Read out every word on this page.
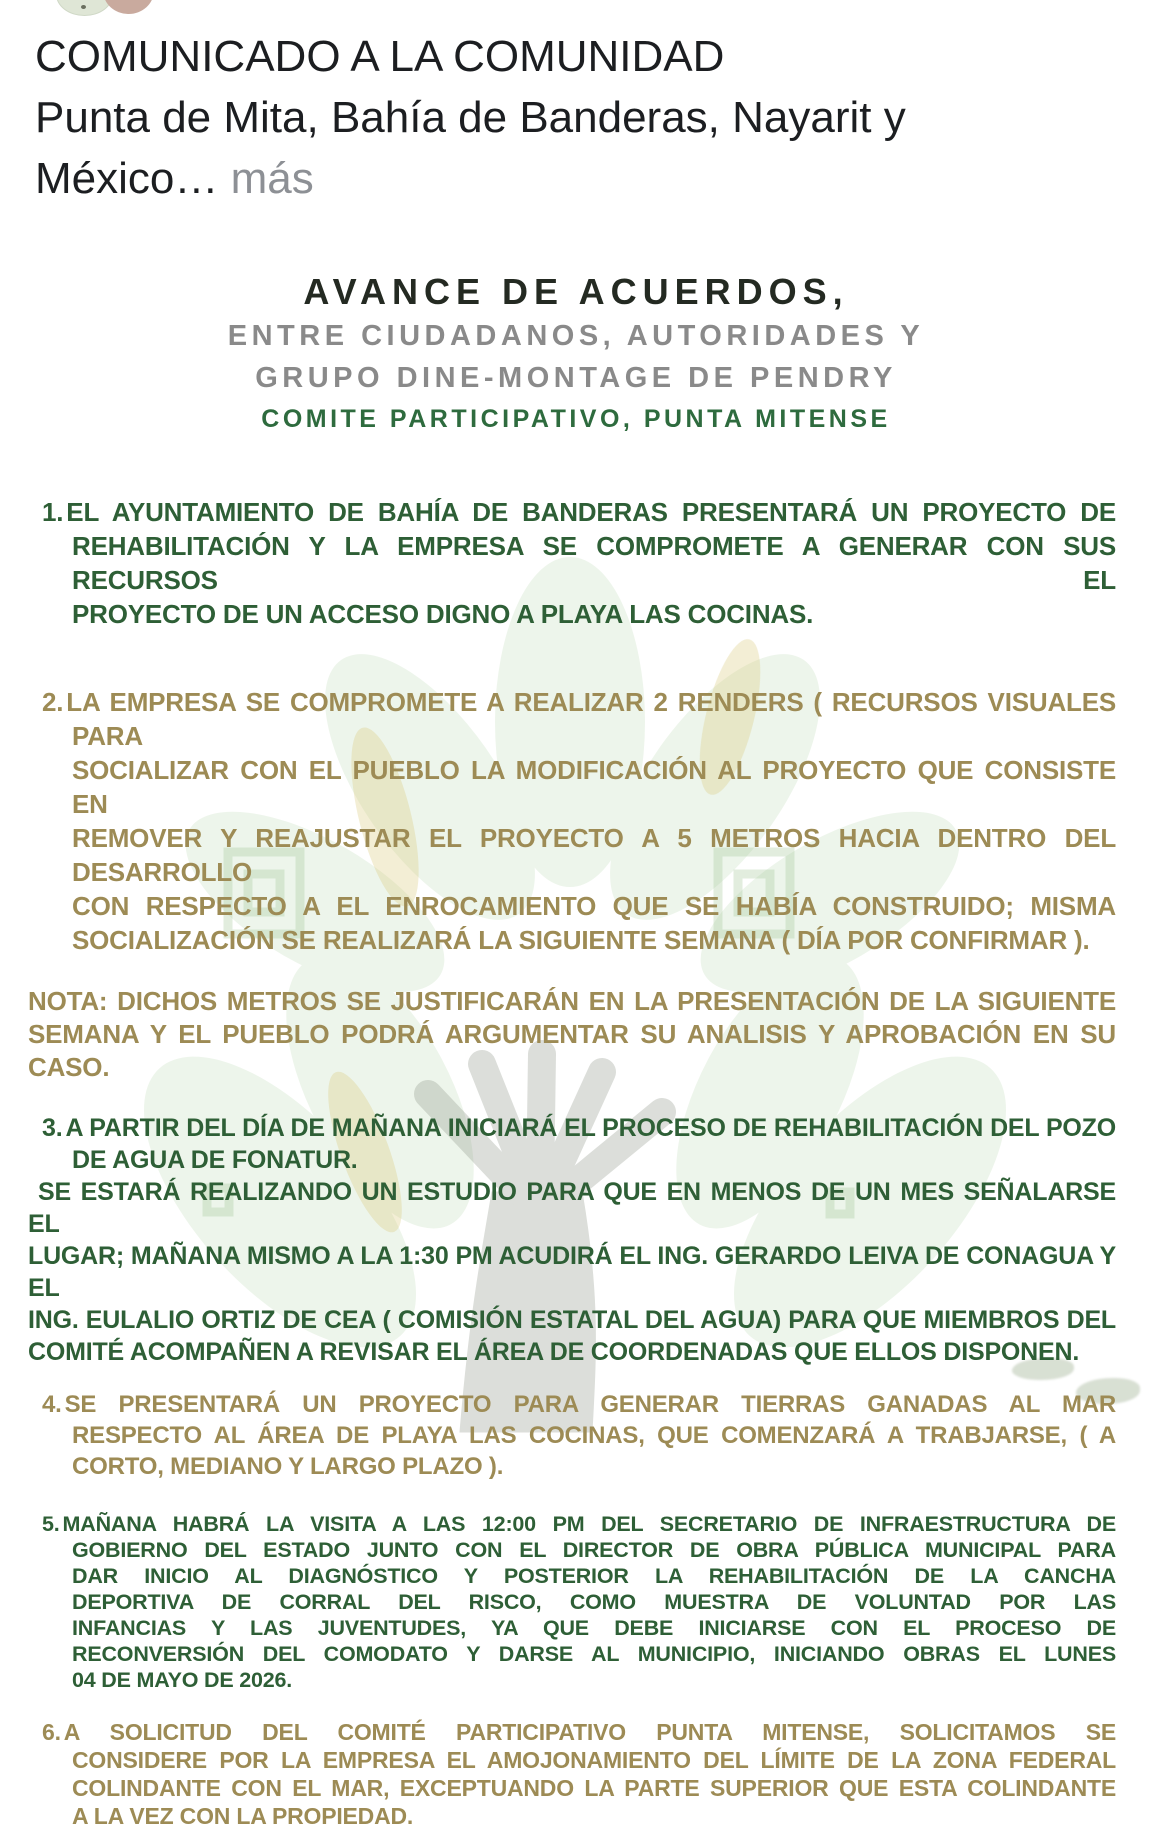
COMUNICADO A LA COMUNIDAD
Punta de Mita, Bahía de Banderas, Nayarit y
México… más
AVANCE DE ACUERDOS,
ENTRE CIUDADANOS, AUTORIDADES Y
GRUPO DINE-MONTAGE DE PENDRY
COMITE PARTICIPATIVO, PUNTA MITENSE
1. EL AYUNTAMIENTO DE BAHÍA DE BANDERAS PRESENTARÁ UN PROYECTO DE
REHABILITACIÓN Y LA EMPRESA SE COMPROMETE A GENERAR CON SUS RECURSOS EL
PROYECTO DE UN ACCESO DIGNO A PLAYA LAS COCINAS.
2. LA EMPRESA SE COMPROMETE A REALIZAR 2 RENDERS ( RECURSOS VISUALES PARA
SOCIALIZAR CON EL PUEBLO LA MODIFICACIÓN AL PROYECTO QUE CONSISTE EN
REMOVER Y REAJUSTAR EL PROYECTO A 5 METROS HACIA DENTRO DEL DESARROLLO
CON RESPECTO A EL ENROCAMIENTO QUE SE HABÍA CONSTRUIDO; MISMA
SOCIALIZACIÓN SE REALIZARÁ LA SIGUIENTE SEMANA ( DÍA POR CONFIRMAR ).
NOTA: DICHOS METROS SE JUSTIFICARÁN EN LA PRESENTACIÓN DE LA SIGUIENTE
SEMANA Y EL PUEBLO PODRÁ ARGUMENTAR SU ANALISIS Y APROBACIÓN EN SU CASO.
3. A PARTIR DEL DÍA DE MAÑANA INICIARÁ EL PROCESO DE REHABILITACIÓN DEL POZO
DE AGUA DE FONATUR.
SE ESTARÁ REALIZANDO UN ESTUDIO PARA QUE EN MENOS DE UN MES SEÑALARSE EL
LUGAR; MAÑANA MISMO A LA 1:30 PM ACUDIRÁ EL ING. GERARDO LEIVA DE CONAGUA Y EL
ING. EULALIO ORTIZ DE CEA ( COMISIÓN ESTATAL DEL AGUA) PARA QUE MIEMBROS DEL
COMITÉ ACOMPAÑEN A REVISAR EL ÁREA DE COORDENADAS QUE ELLOS DISPONEN.
4. SE PRESENTARÁ UN PROYECTO PARA GENERAR TIERRAS GANADAS AL MAR
RESPECTO AL ÁREA DE PLAYA LAS COCINAS, QUE COMENZARÁ A TRABJARSE, ( A
CORTO, MEDIANO Y LARGO PLAZO ).
5. MAÑANA HABRÁ LA VISITA A LAS 12:00 PM DEL SECRETARIO DE INFRAESTRUCTURA DE
GOBIERNO DEL ESTADO JUNTO CON EL DIRECTOR DE OBRA PÚBLICA MUNICIPAL PARA
DAR INICIO AL DIAGNÓSTICO Y POSTERIOR LA REHABILITACIÓN DE LA CANCHA
DEPORTIVA DE CORRAL DEL RISCO, COMO MUESTRA DE VOLUNTAD POR LAS
INFANCIAS Y LAS JUVENTUDES, YA QUE DEBE INICIARSE CON EL PROCESO DE
RECONVERSIÓN DEL COMODATO Y DARSE AL MUNICIPIO, INICIANDO OBRAS EL LUNES
04 DE MAYO DE 2026.
6. A SOLICITUD DEL COMITÉ PARTICIPATIVO PUNTA MITENSE, SOLICITAMOS SE
CONSIDERE POR LA EMPRESA EL AMOJONAMIENTO DEL LÍMITE DE LA ZONA FEDERAL
COLINDANTE CON EL MAR, EXCEPTUANDO LA PARTE SUPERIOR QUE ESTA COLINDANTE
A LA VEZ CON LA PROPIEDAD.
